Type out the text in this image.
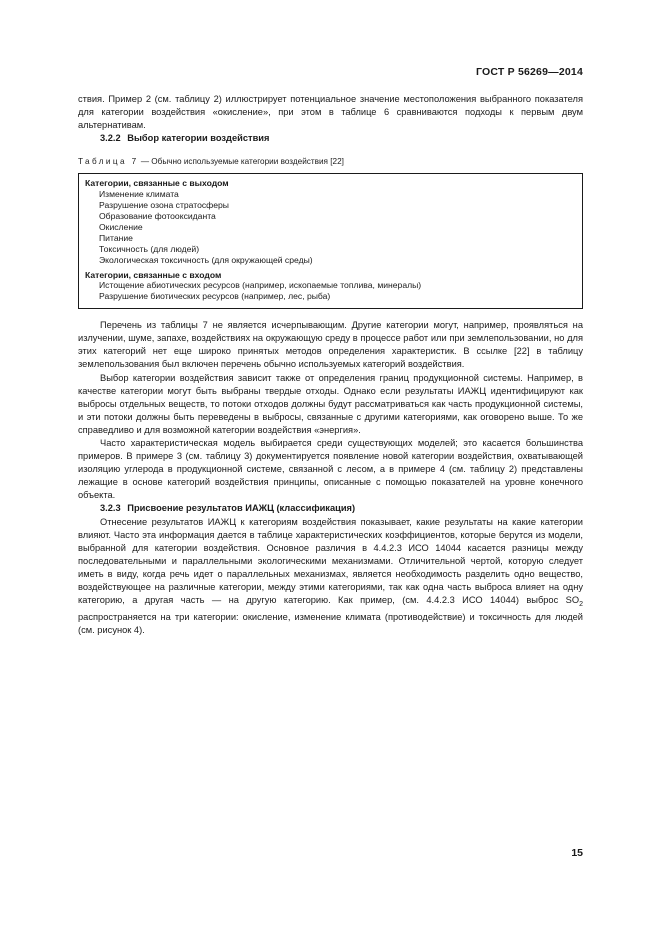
ГОСТ Р 56269—2014

ствия. Пример 2 (см. таблицу 2) иллюстрирует потенциальное значение местоположения выбранного показателя для категории воздействия «окисление», при этом в таблице 6 сравниваются подходы к первым двум альтернативам.

3.2.2 Выбор категории воздействия
Таблица 7 — Обычно используемые категории воздействия [22]
Категории, связанные с выходом
Изменение климата
Разрушение озона стратосферы
Образование фотооксиданта
Окисление
Питание
Токсичность (для людей)
Экологическая токсичность (для окружающей среды)
Категории, связанные с входом
Истощение абиотических ресурсов (например, ископаемые топлива, минералы)
Разрушение биотических ресурсов (например, лес, рыба)

Перечень из таблицы 7 не является исчерпывающим. Другие категории могут, например, проявляться на излучении, шуме, запахе, воздействиях на окружающую среду в процессе работ или при землепользовании, но для этих категорий нет еще широко принятых методов определения характеристик. В ссылке [22] в таблицу землепользования был включен перечень обычно используемых категорий воздействия.

Выбор категории воздействия зависит также от определения границ продукционной системы. Например, в качестве категории могут быть выбраны твердые отходы. Однако если результаты ИАЖЦ идентифицируют как выбросы отдельных веществ, то потоки отходов должны будут рассматриваться как часть продукционной системы, и эти потоки должны быть переведены в выбросы, связанные с другими категориями, как оговорено выше. То же справедливо и для возможной категории воздействия «энергия».

Часто характеристическая модель выбирается среди существующих моделей; это касается большинства примеров. В примере 3 (см. таблицу 3) документируется появление новой категории воздействия, охватывающей изоляцию углерода в продукционной системе, связанной с лесом, а в примере 4 (см. таблицу 2) представлены лежащие в основе категорий воздействия принципы, описанные с помощью показателей на уровне конечного объекта.

3.2.3 Присвоение результатов ИАЖЦ (классификация)

Отнесение результатов ИАЖЦ к категориям воздействия показывает, какие результаты на какие категории влияют. Часто эта информация дается в таблице характеристических коэффициентов, которые берутся из модели, выбранной для категории воздействия. Основное различия в 4.4.2.3 ИСО 14044 касается разницы между последовательными и параллельными экологическими механизмами. Отличительной чертой, которую следует иметь в виду, когда речь идет о параллельных механизмах, является необходимость разделить одно вещество, воздействующее на различные категории, между этими категориями, так как одна часть выброса влияет на одну категорию, а другая часть — на другую категорию. Как пример, (см. 4.4.2.3 ИСО 14044) выброс $SO_2$ распространяется на три категории: окисление, изменение климата (противодействие) и токсичность для людей (см. рисунок 4).

15
